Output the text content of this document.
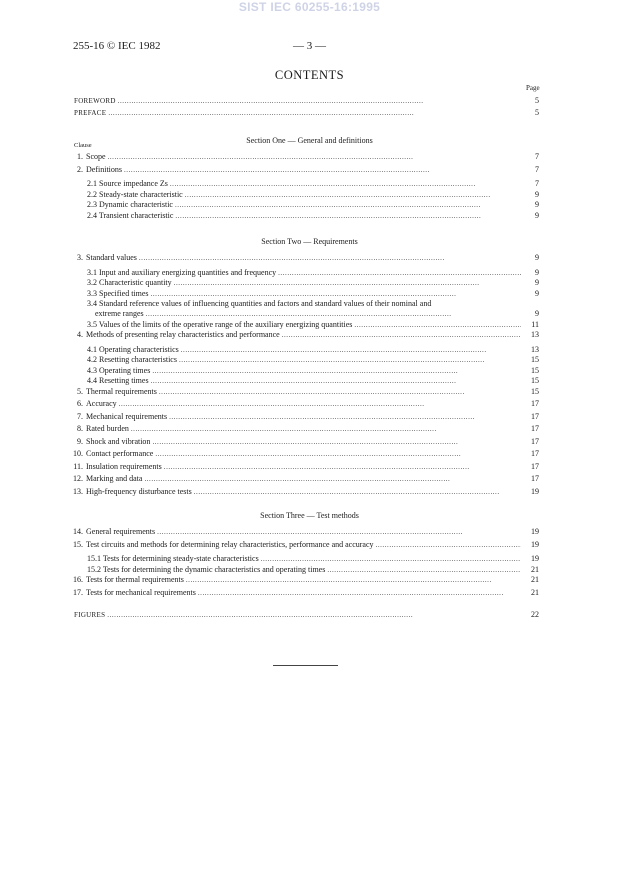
SIST IEC 60255-16:1995
255-16 © IEC 1982	— 3 —
CONTENTS
Page
FOREWORD . . .	5
PREFACE . . .	5
Section One — General and definitions
Clause
1. Scope . . .	7
2. Definitions . . .	7
2.1 Source impedance Zs . . .	7
2.2 Steady-state characteristic . . .	9
2.3 Dynamic characteristic . . .	9
2.4 Transient characteristic . . .	9
Section Two — Requirements
3. Standard values . . .	9
3.1 Input and auxiliary energizing quantities and frequency . . .	9
3.2 Characteristic quantity . . .	9
3.3 Specified times . . .	9
3.4 Standard reference values of influencing quantities and factors and standard values of their nominal and
extreme ranges . . .	9
3.5 Values of the limits of the operative range of the auxiliary energizing quantities . . .	11
4. Methods of presenting relay characteristics and performance . . .	13
4.1 Operating characteristics . . .	13
4.2 Resetting characteristics . . .	15
4.3 Operating times . . .	15
4.4 Resetting times . . .	15
5. Thermal requirements . . .	15
6. Accuracy . . .	17
7. Mechanical requirements . . .	17
8. Rated burden . . .	17
9. Shock and vibration . . .	17
10. Contact performance . . .	17
11. Insulation requirements . . .	17
12. Marking and data . . .	17
13. High-frequency disturbance tests . . .	19
Section Three — Test methods
14. General requirements . . .	19
15. Test circuits and methods for determining relay characteristics, performance and accuracy . . .	19
15.1 Tests for determining steady-state characteristics . . .	19
15.2 Tests for determining the dynamic characteristics and operating times . . .	21
16. Tests for thermal requirements . . .	21
17. Tests for mechanical requirements . . .	21
FIGURES . . .	22
